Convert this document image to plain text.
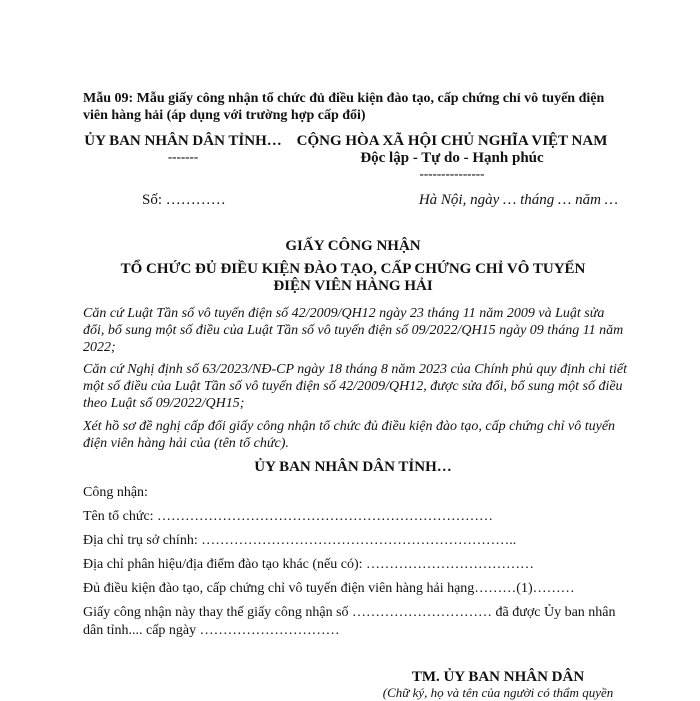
Mẫu 09: Mẫu giấy công nhận tổ chức đủ điều kiện đào tạo, cấp chứng chỉ vô tuyến điện viên hàng hải (áp dụng với trường hợp cấp đổi)
ỦY BAN NHÂN DÂN TỈNH…
-------
CỘNG HÒA XÃ HỘI CHỦ NGHĨA VIỆT NAM
Độc lập - Tự do - Hạnh phúc
---------------
Số: …………	Hà Nội, ngày … tháng … năm …
GIẤY CÔNG NHẬN
TỔ CHỨC ĐỦ ĐIỀU KIỆN ĐÀO TẠO, CẤP CHỨNG CHỈ VÔ TUYẾN ĐIỆN VIÊN HÀNG HẢI
Căn cứ Luật Tần số vô tuyến điện số 42/2009/QH12 ngày 23 tháng 11 năm 2009 và Luật sửa đổi, bổ sung một số điều của Luật Tần số vô tuyến điện số 09/2022/QH15 ngày 09 tháng 11 năm 2022;
Căn cứ Nghị định số 63/2023/NĐ-CP ngày 18 tháng 8 năm 2023 của Chính phủ quy định chi tiết một số điều của Luật Tần số vô tuyến điện số 42/2009/QH12, được sửa đổi, bổ sung một số điều theo Luật số 09/2022/QH15;
Xét hồ sơ đề nghị cấp đổi giấy công nhận tổ chức đủ điều kiện đào tạo, cấp chứng chỉ vô tuyến điện viên hàng hải của (tên tổ chức).
ỦY BAN NHÂN DÂN TỈNH…
Công nhận:
Tên tổ chức: ………………………………………………………………
Địa chỉ trụ sở chính: …………………………………………………………..
Địa chỉ phân hiệu/địa điểm đào tạo khác (nếu có): ………………………………
Đủ điều kiện đào tạo, cấp chứng chỉ vô tuyến điện viên hàng hải hạng………(1)………
Giấy công nhận này thay thế giấy công nhận số ………………………… đã được Ủy ban nhân dân tỉnh.... cấp ngày …………………………
TM. ỦY BAN NHÂN DÂN
(Chữ ký, họ và tên của người có thẩm quyền
